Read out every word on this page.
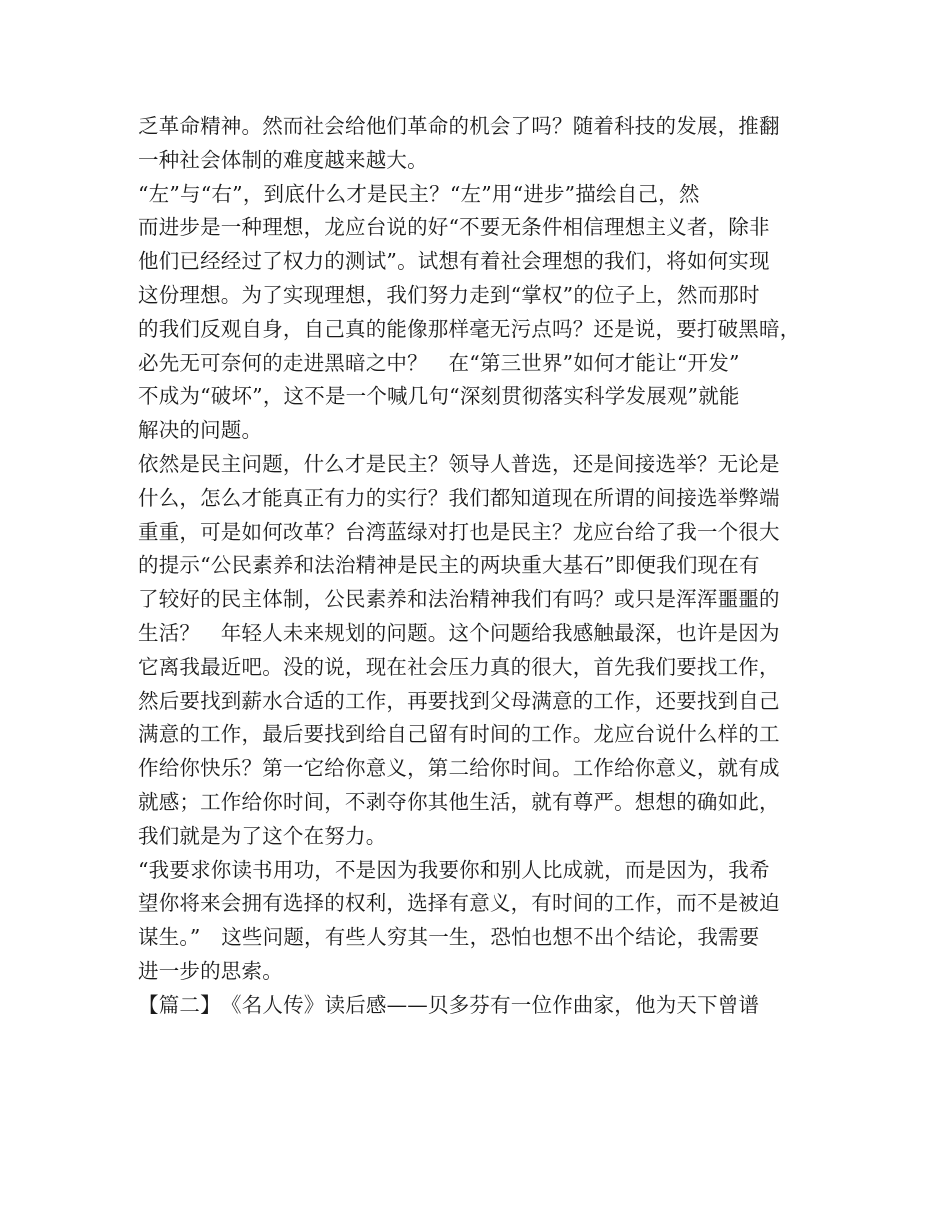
乏革命精神。然而社会给他们革命的机会了吗？随着科技的发展，推翻
一种社会体制的难度越来越大。
“左”与“右”，到底什么才是民主？“左”用“进步”描绘自己，然
而进步是一种理想，龙应台说的好“不要无条件相信理想主义者，除非
他们已经经过了权力的测试”。试想有着社会理想的我们，将如何实现
这份理想。为了实现理想，我们努力走到“掌权”的位子上，然而那时
的我们反观自身，自己真的能像那样毫无污点吗？还是说，要打破黑暗，
必先无可奈何的走进黑暗之中？　在“第三世界”如何才能让“开发”
不成为“破坏”，这不是一个喊几句“深刻贯彻落实科学发展观”就能
解决的问题。
依然是民主问题，什么才是民主？领导人普选，还是间接选举？无论是
什么，怎么才能真正有力的实行？我们都知道现在所谓的间接选举弊端
重重，可是如何改革？台湾蓝绿对打也是民主？龙应台给了我一个很大
的提示“公民素养和法治精神是民主的两块重大基石”即便我们现在有
了较好的民主体制，公民素养和法治精神我们有吗？或只是浑浑噩噩的
生活？　年轻人未来规划的问题。这个问题给我感触最深，也许是因为
它离我最近吧。没的说，现在社会压力真的很大，首先我们要找工作，
然后要找到薪水合适的工作，再要找到父母满意的工作，还要找到自己
满意的工作，最后要找到给自己留有时间的工作。龙应台说什么样的工
作给你快乐？第一它给你意义，第二给你时间。工作给你意义，就有成
就感；工作给你时间，不剥夺你其他生活，就有尊严。想想的确如此，
我们就是为了这个在努力。
“我要求你读书用功，不是因为我要你和别人比成就，而是因为，我希
望你将来会拥有选择的权利，选择有意义，有时间的工作，而不是被迫
谋生。”　这些问题，有些人穷其一生，恐怕也想不出个结论，我需要
进一步的思索。
【篇二】　《名人传》读后感——贝多芬有一位作曲家，他为天下曾谱
